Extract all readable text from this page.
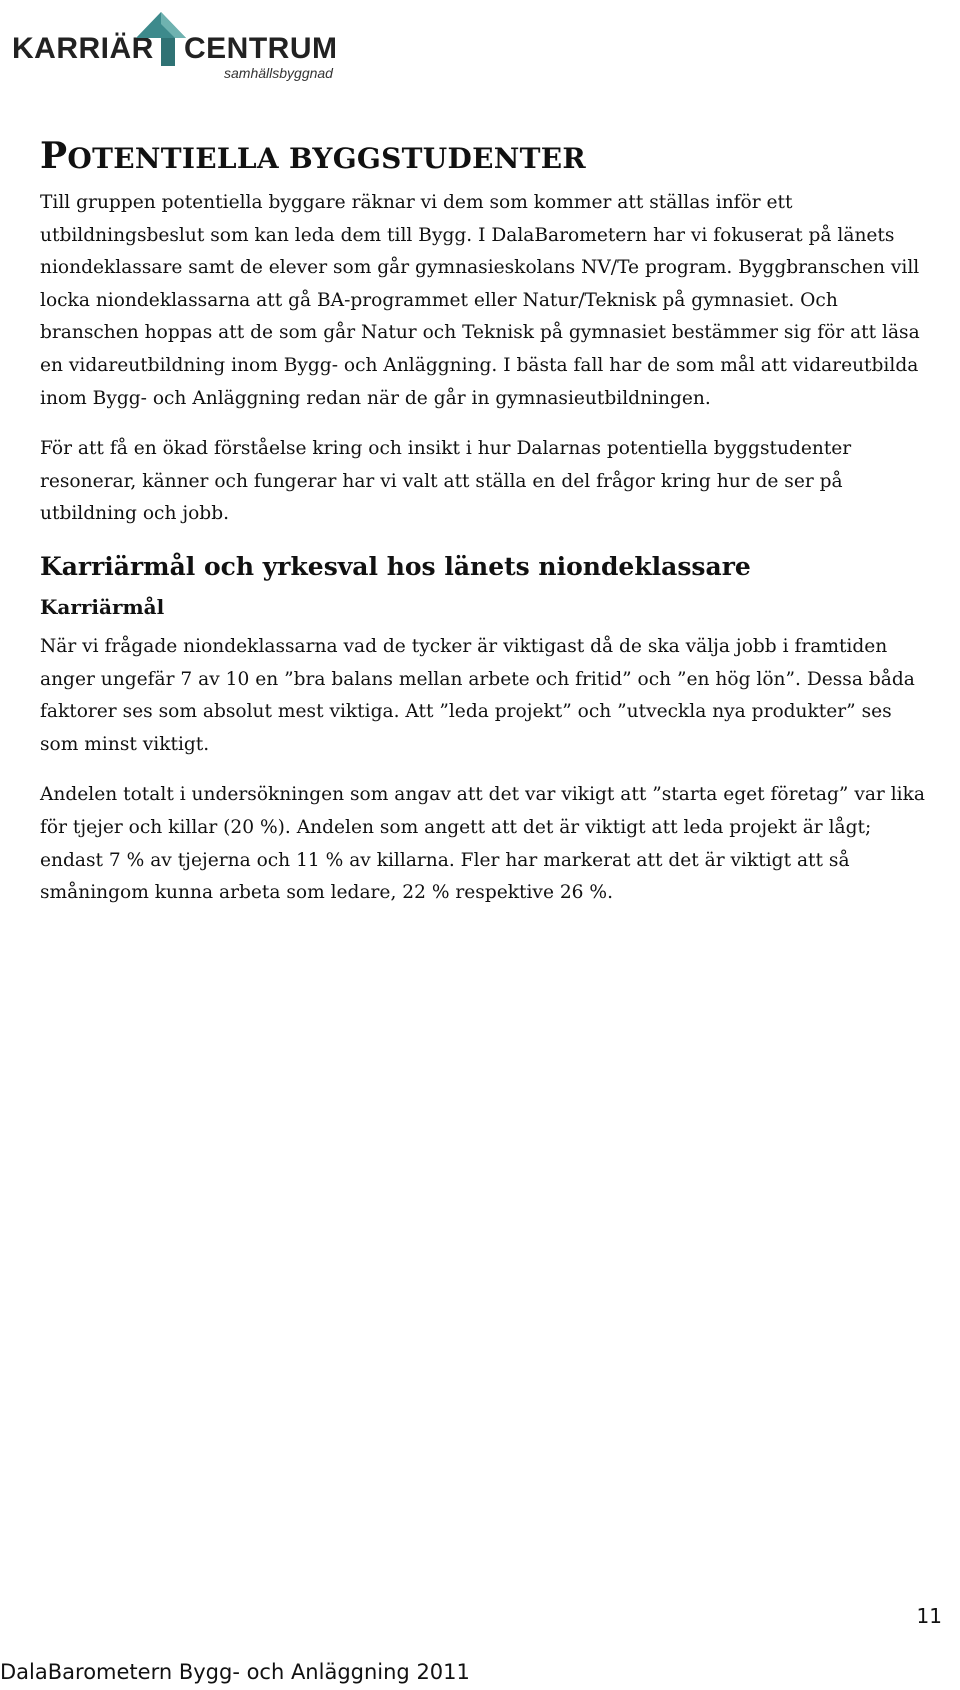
KARRIÄR CENTRUM
samhällsbyggnad
POTENTIELLA BYGGSTUDENTER

Till gruppen potentiella byggare räknar vi dem som kommer att ställas inför ett utbildningsbeslut som kan leda dem till Bygg. I DalaBarometern har vi fokuserat på länets niondeklassare samt de elever som går gymnasieskolans NV/Te program. Byggbranschen vill locka niondeklassarna att gå BA-programmet eller Natur/Teknisk på gymnasiet. Och branschen hoppas att de som går Natur och Teknisk på gymnasiet bestämmer sig för att läsa en vidareutbildning inom Bygg- och Anläggning. I bästa fall har de som mål att vidareutbilda inom Bygg- och Anläggning redan när de går in gymnasieutbildningen.

För att få en ökad förståelse kring och insikt i hur Dalarnas potentiella byggstudenter resonerar, känner och fungerar har vi valt att ställa en del frågor kring hur de ser på utbildning och jobb.

Karriärmål och yrkesval hos länets niondeklassare
Karriärmål

När vi frågade niondeklassarna vad de tycker är viktigast då de ska välja jobb i framtiden anger ungefär 7 av 10 en ”bra balans mellan arbete och fritid” och ”en hög lön”. Dessa båda faktorer ses som absolut mest viktiga. Att ”leda projekt” och ”utveckla nya produkter” ses som minst viktigt.

Andelen totalt i undersökningen som angav att det var vikigt att ”starta eget företag” var lika för tjejer och killar (20 %). Andelen som angett att det är viktigt att leda projekt är lågt; endast 7 % av tjejerna och 11 % av killarna. Fler har markerat att det är viktigt att så småningom kunna arbeta som ledare, 22 % respektive 26 %.

11
DalaBarometern Bygg- och Anläggning 2011
